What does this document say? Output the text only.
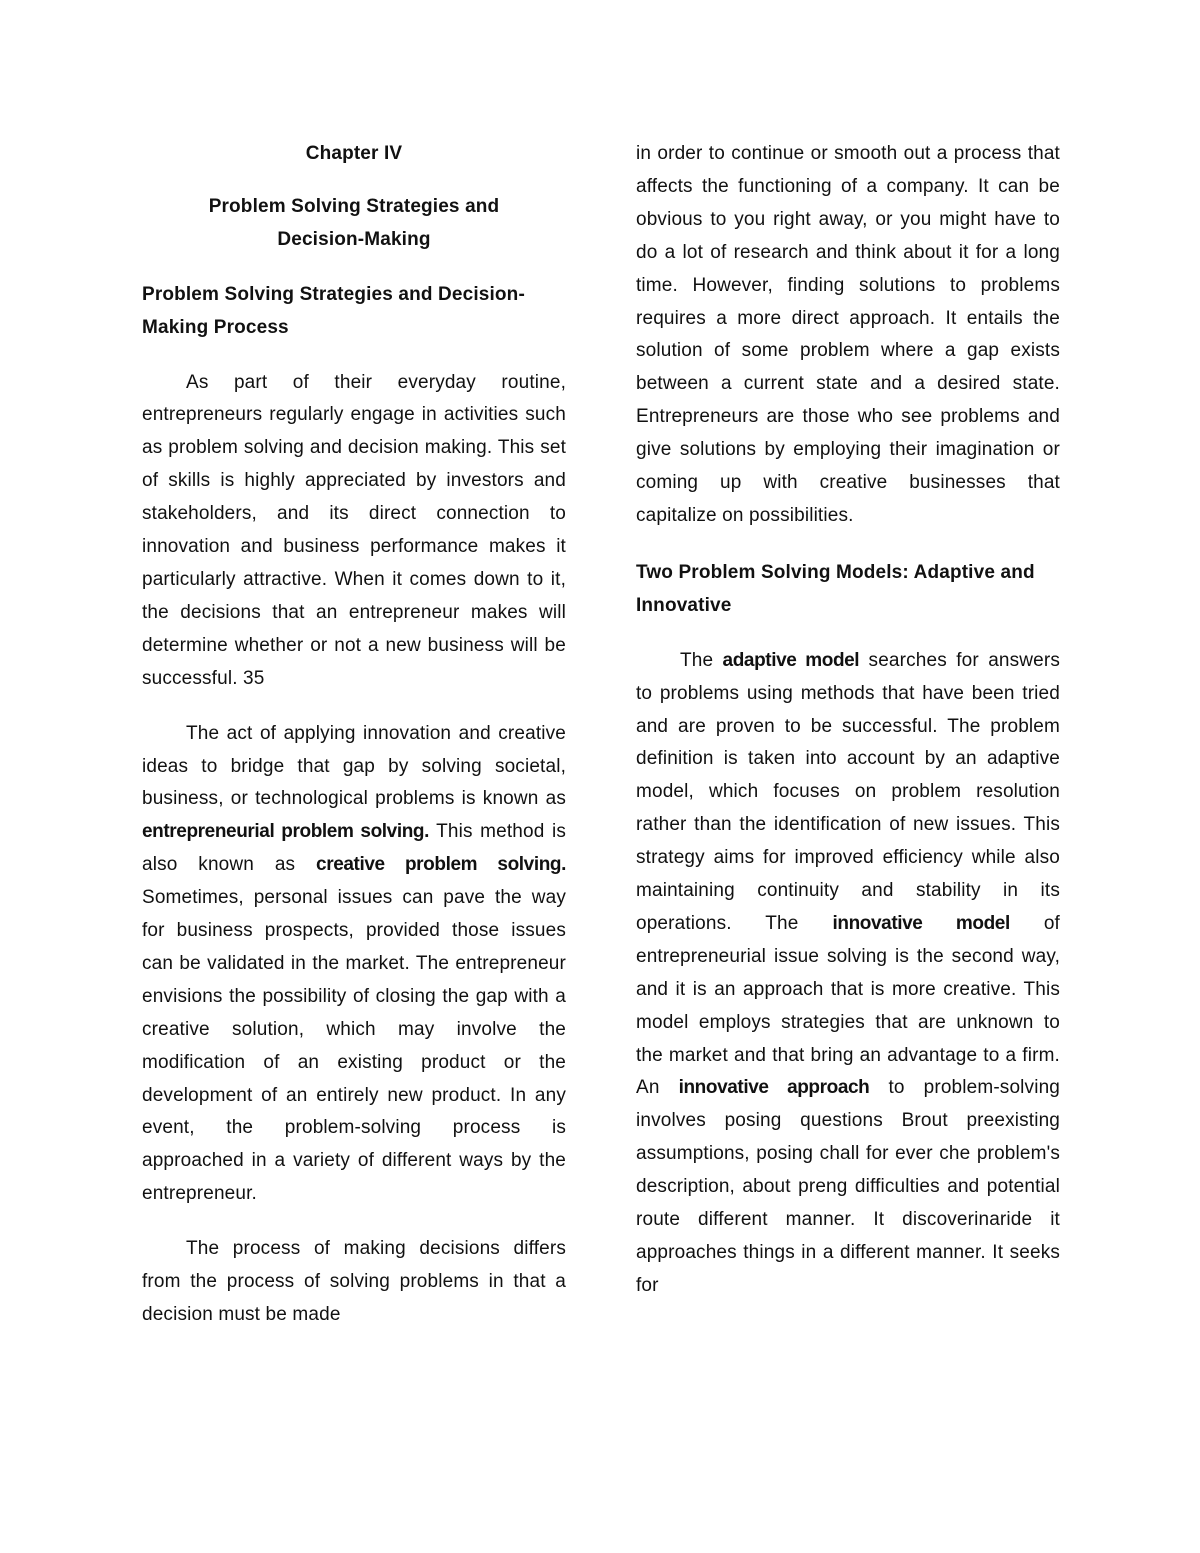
Chapter IV

Problem Solving Strategies and Decision-Making

Problem Solving Strategies and Decision-Making Process

As part of their everyday routine, entrepreneurs regularly engage in activities such as problem solving and decision making. This set of skills is highly appreciated by investors and stakeholders, and its direct connection to innovation and business performance makes it particularly attractive. When it comes down to it, the decisions that an entrepreneur makes will determine whether or not a new business will be successful. 35

The act of applying innovation and creative ideas to bridge that gap by solving societal, business, or technological problems is known as entrepreneurial problem solving. This method is also known as creative problem solving. Sometimes, personal issues can pave the way for business prospects, provided those issues can be validated in the market. The entrepreneur envisions the possibility of closing the gap with a creative solution, which may involve the modification of an existing product or the development of an entirely new product. In any event, the problem-solving process is approached in a variety of different ways by the entrepreneur.

The process of making decisions differs from the process of solving problems in that a decision must be made

in order to continue or smooth out a process that affects the functioning of a company. It can be obvious to you right away, or you might have to do a lot of research and think about it for a long time. However, finding solutions to problems requires a more direct approach. It entails the solution of some problem where a gap exists between a current state and a desired state. Entrepreneurs are those who see problems and give solutions by employing their imagination or coming up with creative businesses that capitalize on possibilities.

Two Problem Solving Models: Adaptive and Innovative

The adaptive model searches for answers to problems using methods that have been tried and are proven to be successful. The problem definition is taken into account by an adaptive model, which focuses on problem resolution rather than the identification of new issues. This strategy aims for improved efficiency while also maintaining continuity and stability in its operations. The innovative model of entrepreneurial issue solving is the second way, and it is an approach that is more creative. This model employs strategies that are unknown to the market and that bring an advantage to a firm. An innovative approach to problem-solving involves posing questions Brout preexisting assumptions, posing chall for ever che problem's description, about preng difficulties and potential route different manner. It discoverinaride it approaches things in a different manner. It seeks for
